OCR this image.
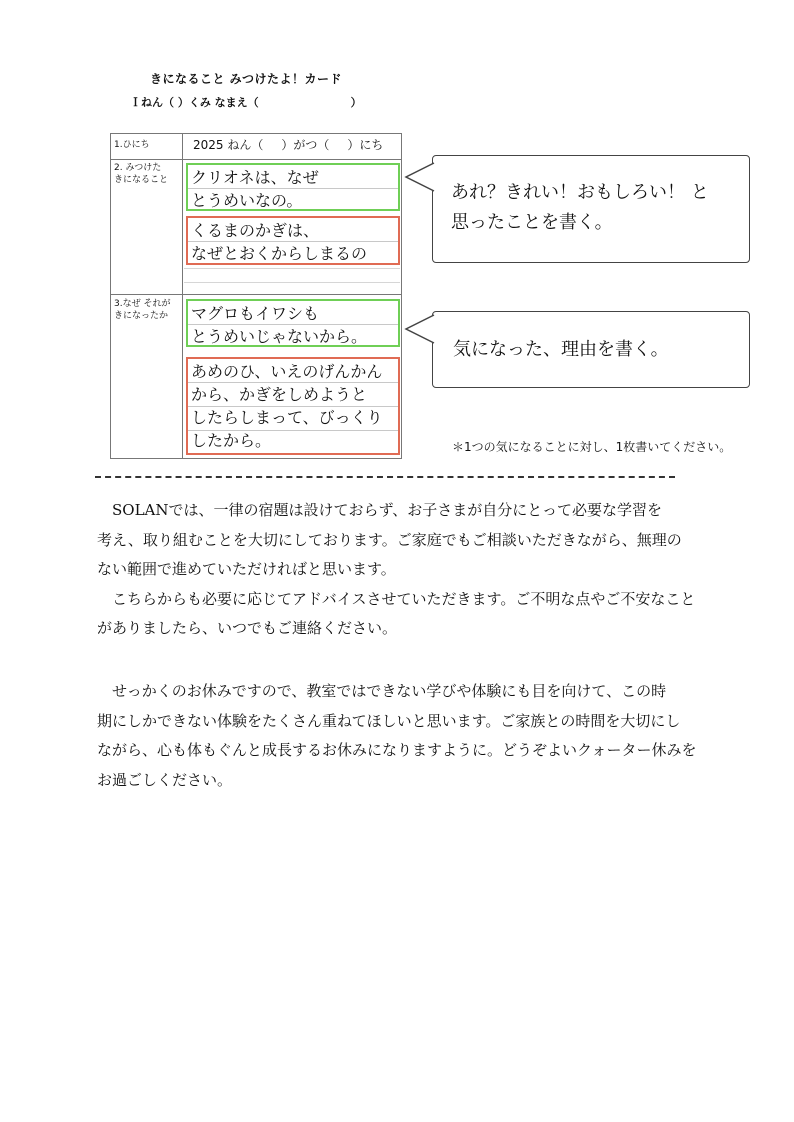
きになること みつけたよ！カード
Ｉねん（ ）くみ なまえ（	）
1.ひにち
2. みつけた
きになること
3.なぜ それが
きになったか
2025 ねん（ ）がつ（ ）にち
クリオネは、なぜ
とうめいなの。
くるまのかぎは、
なぜとおくからしまるの
マグロもイワシも
とうめいじゃないから。
あめのひ、いえのげんかん
から、かぎをしめようと
したらしまって、びっくり
したから。
あれ？きれい！おもしろい！ と
思ったことを書く。
気になった、理由を書く。
＊1つの気になることに対し、1枚書いてください。

　SOLANでは、一律の宿題は設けておらず、お子さまが自分にとって必要な学習を

考え、取り組むことを大切にしております。ご家庭でもご相談いただきながら、無理の

ない範囲で進めていただければと思います。

　こちらからも必要に応じてアドバイスさせていただきます。ご不明な点やご不安なこと

がありましたら、いつでもご連絡ください。

　せっかくのお休みですので、教室ではできない学びや体験にも目を向けて、この時

期にしかできない体験をたくさん重ねてほしいと思います。ご家族との時間を大切にし

ながら、心も体もぐんと成長するお休みになりますように。どうぞよいクォーター休みを

お過ごしください。
